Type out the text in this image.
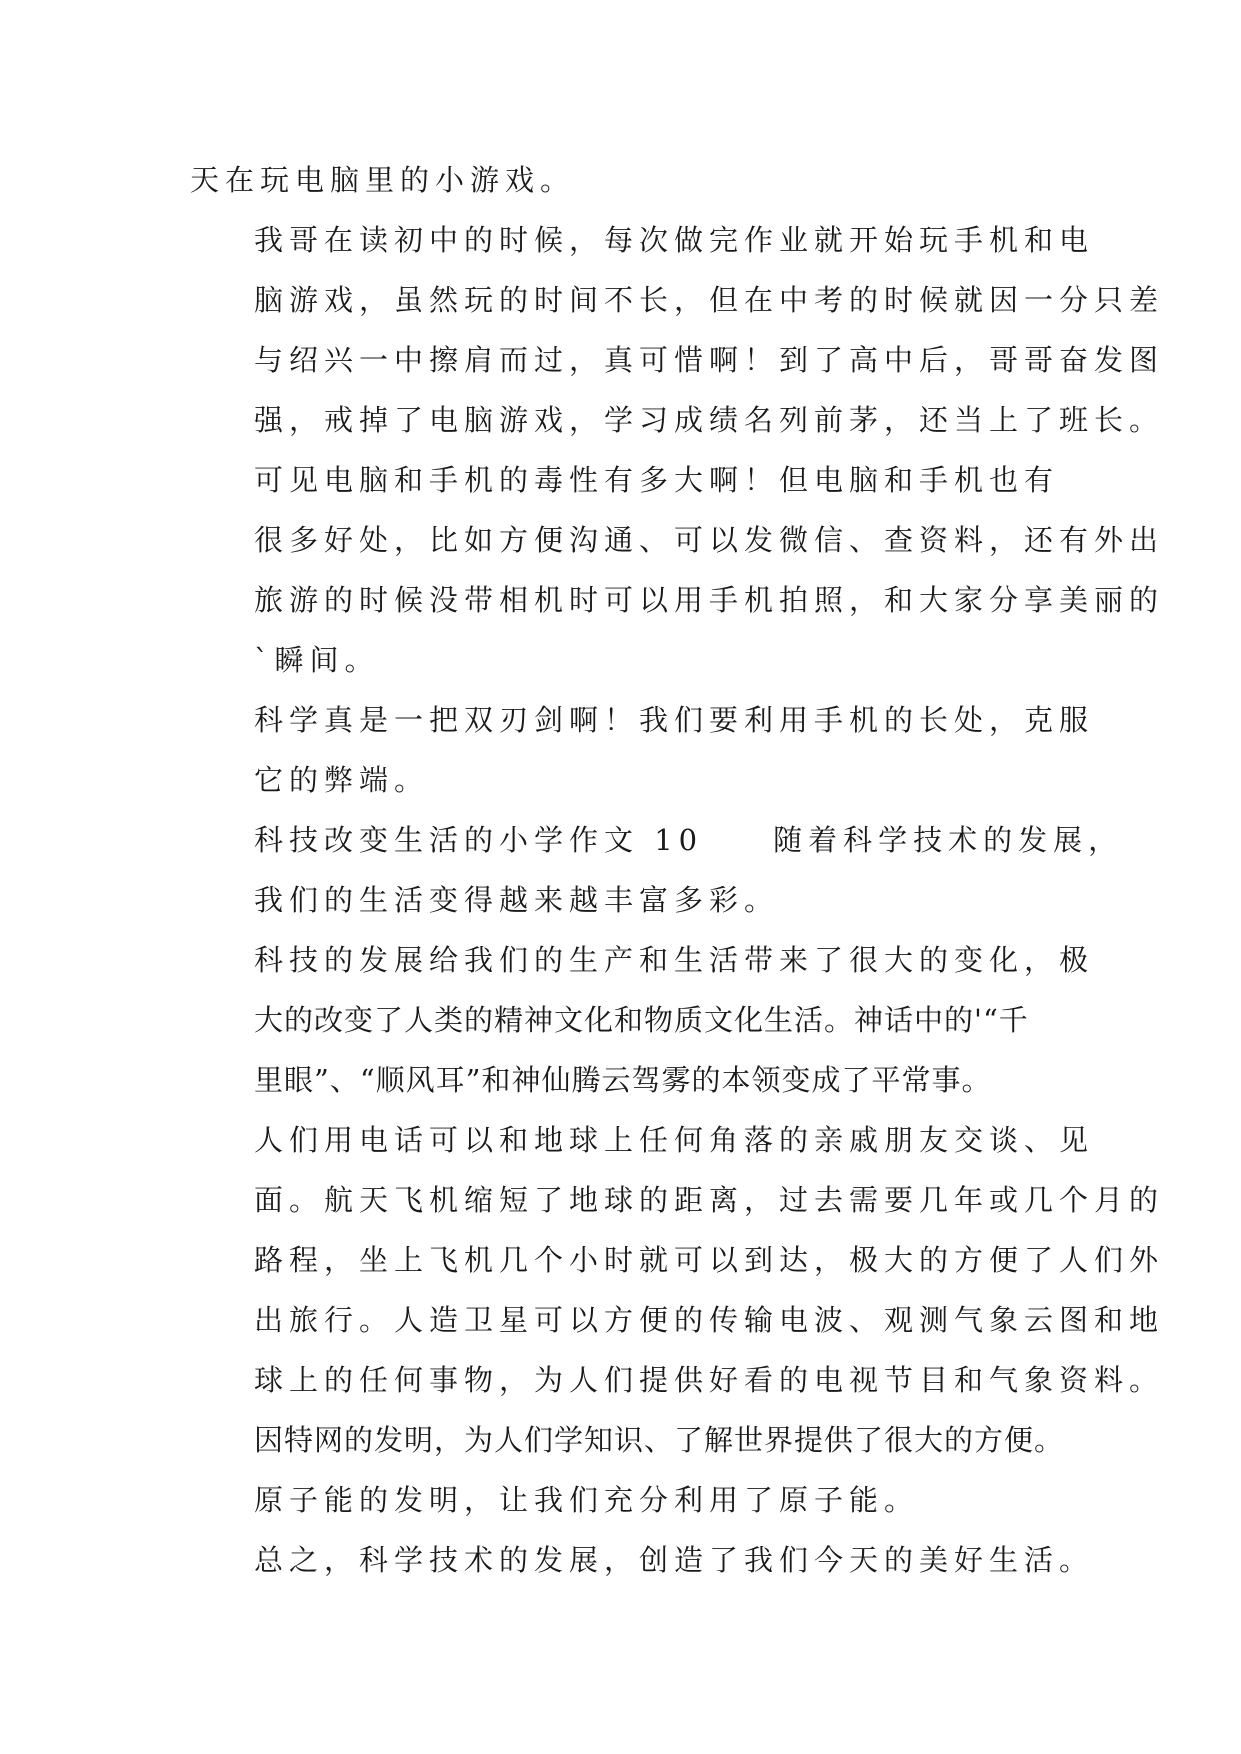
天在玩电脑里的小游戏。

我哥在读初中的时候，每次做完作业就开始玩手机和电
脑游戏，虽然玩的时间不长，但在中考的时候就因一分只差
与绍兴一中擦肩而过，真可惜啊！到了高中后，哥哥奋发图
强，戒掉了电脑游戏，学习成绩名列前茅，还当上了班长。

可见电脑和手机的毒性有多大啊！但电脑和手机也有
很多好处，比如方便沟通、可以发微信、查资料，还有外出
旅游的时候没带相机时可以用手机拍照，和大家分享美丽的
`瞬间。

科学真是一把双刃剑啊！我们要利用手机的长处，克服
它的弊端。

科技改变生活的小学作文 10　　随着科学技术的发展，
我们的生活变得越来越丰富多彩。

科技的发展给我们的生产和生活带来了很大的变化，极
大的改变了人类的精神文化和物质文化生活。神话中的'“千
里眼”、“顺风耳”和神仙腾云驾雾的本领变成了平常事。

人们用电话可以和地球上任何角落的亲戚朋友交谈、见
面。航天飞机缩短了地球的距离，过去需要几年或几个月的
路程，坐上飞机几个小时就可以到达，极大的方便了人们外
出旅行。人造卫星可以方便的传输电波、观测气象云图和地
球上的任何事物，为人们提供好看的电视节目和气象资料。
因特网的发明，为人们学知识、了解世界提供了很大的方便。
原子能的发明，让我们充分利用了原子能。

总之，科学技术的发展，创造了我们今天的美好生活。
